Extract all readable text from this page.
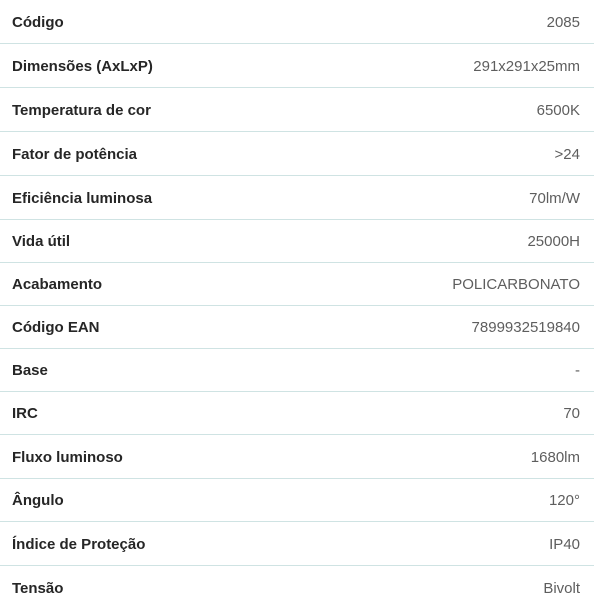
Código	2085
Dimensões (AxLxP)	291x291x25mm
Temperatura de cor	6500K
Fator de potência	>24
Eficiência luminosa	70lm/W
Vida útil	25000H
Acabamento	POLICARBONATO
Código EAN	7899932519840
Base	-
IRC	70
Fluxo luminoso	1680lm
Ângulo	120°
Índice de Proteção	IP40
Tensão	Bivolt
